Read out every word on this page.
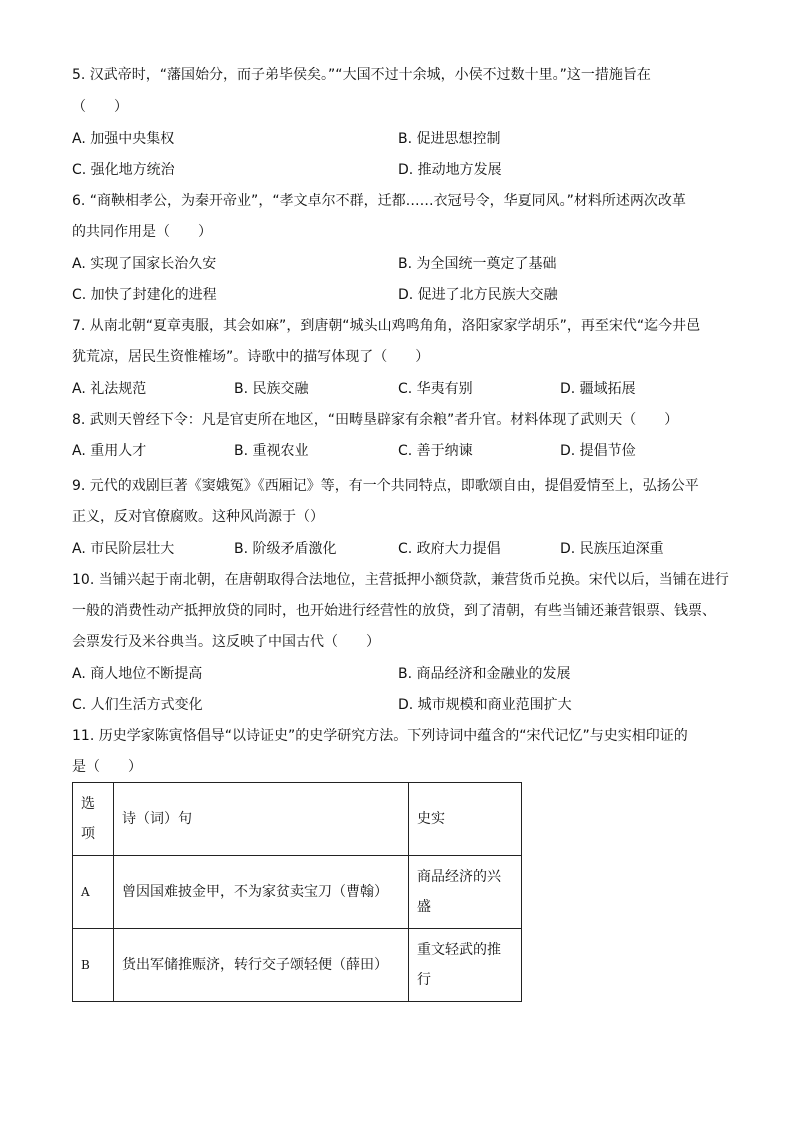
5. 汉武帝时，“藩国始分，而子弟毕侯矣。”“大国不过十余城，小侯不过数十里。”这一措施旨在
（　　）
A. 加强中央集权	B. 促进思想控制
C. 强化地方统治	D. 推动地方发展
6. “商鞅相孝公，为秦开帝业”，“孝文卓尔不群，迁都……衣冠号令，华夏同风。”材料所述两次改革
的共同作用是（　　）
A. 实现了国家长治久安	B. 为全国统一奠定了基础
C. 加快了封建化的进程	D. 促进了北方民族大交融
7. 从南北朝“夏章夷服，其会如麻”，到唐朝“城头山鸡鸣角角，洛阳家家学胡乐”，再至宋代“迄今井邑
犹荒凉，居民生资惟榷场”。诗歌中的描写体现了（　　）
A. 礼法规范	B. 民族交融	C. 华夷有别	D. 疆域拓展
8. 武则天曾经下令：凡是官吏所在地区，“田畴垦辟家有余粮”者升官。材料体现了武则天（　　）
A. 重用人才	B. 重视农业	C. 善于纳谏	D. 提倡节俭
9. 元代的戏剧巨著《窦娥冤》《西厢记》等，有一个共同特点，即歌颂自由，提倡爱情至上，弘扬公平
正义，反对官僚腐败。这种风尚源于（）
A. 市民阶层壮大	B. 阶级矛盾激化	C. 政府大力提倡	D. 民族压迫深重
10. 当铺兴起于南北朝，在唐朝取得合法地位，主营抵押小额贷款，兼营货币兑换。宋代以后，当铺在进行
一般的消费性动产抵押放贷的同时，也开始进行经营性的放贷，到了清朝，有些当铺还兼营银票、钱票、
会票发行及米谷典当。这反映了中国古代（　　）
A. 商人地位不断提高	B. 商品经济和金融业的发展
C. 人们生活方式变化	D. 城市规模和商业范围扩大
11. 历史学家陈寅恪倡导“以诗证史”的史学研究方法。下列诗词中蕴含的“宋代记忆”与史实相印证的
是（　　）
选
项	诗（词）句	史实
A	曾因国难披金甲，不为家贫卖宝刀（曹翰）	商品经济的兴
盛

B	货出军储推赈济，转行交子颂轻便（薛田）	重文轻武的推
行
